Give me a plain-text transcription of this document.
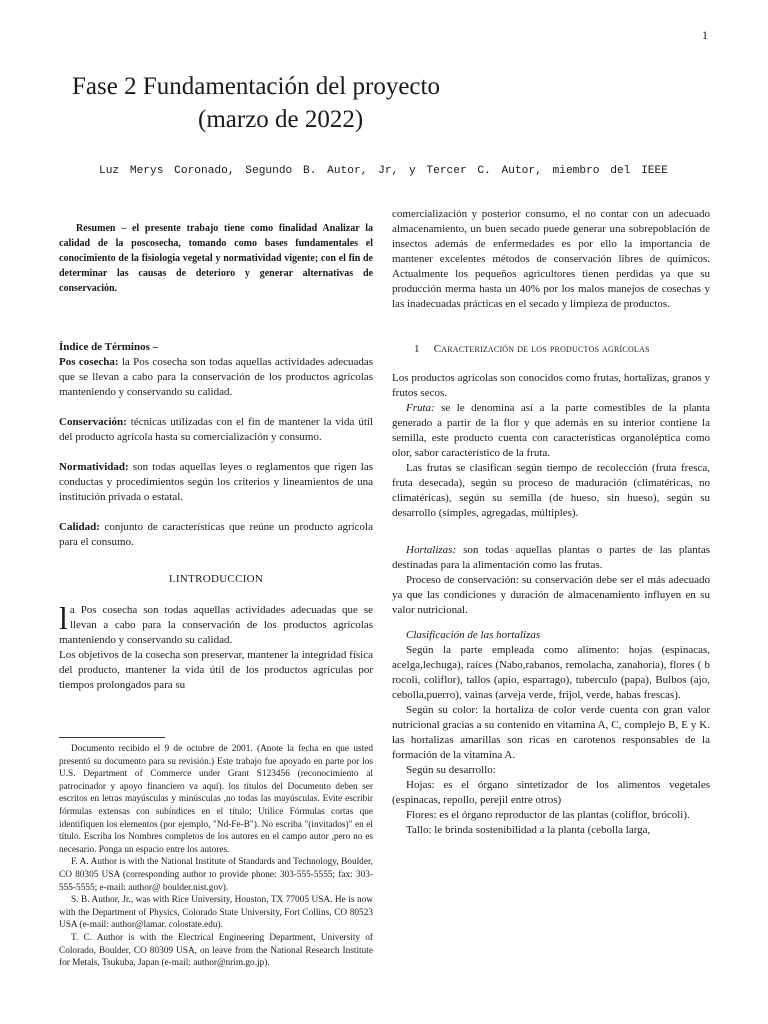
1
Fase 2 Fundamentación del proyecto
(marzo de 2022)
Luz Merys Coronado, Segundo B. Autor, Jr, y Tercer C. Autor, miembro del IEEE

Resumen – el presente trabajo tiene como finalidad Analizar la calidad de la poscosecha, tomando como bases fundamentales el conocimiento de la fisiología vegetal y normatividad vigente; con el fin de determinar las causas de deterioro y generar alternativas de conservación.

Índice de Términos –

Pos cosecha: la Pos cosecha son todas aquellas actividades adecuadas que se llevan a cabo para la conservación de los productos agrícolas manteniendo y conservando su calidad.

Conservación: técnicas utilizadas con el fin de mantener la vida útil del producto agrícola hasta su comercialización y consumo.

Normatividad: son todas aquellas leyes o reglamentos que rigen las conductas y procedimientos según los criterios y lineamientos de una institución privada o estatal.

Calidad: conjunto de características que reúne un producto agrícola para el consumo.

I.INTRODUCCION

la Pos cosecha son todas aquellas actividades adecuadas que se llevan a cabo para la conservación de los productos agrícolas manteniendo y conservando su calidad.

Los objetivos de la cosecha son preservar, mantener la integridad física del producto, mantener la vida útil de los productos agrículas por tiempos prolongados para su

Documento recibido el 9 de octubre de 2001. (Anote la fecha en que usted presentó su documento para su revisión.) Este trabajo fue apoyado en parte por los U.S. Department of Commerce under Grant S123456 (reconocimiento al patrocinador y apoyo financiero va aquí). los títulos del Documento deben ser escritos en letras mayúsculas y minúsculas ,no todas las mayúsculas. Evite escribir fórmulas extensas con subíndices en el título; Utilice Fórmulas cortas que identifiquen los elementos (por ejemplo, "Nd-Fe-B"). No escriba "(invitados)" en el título. Escriba los Nombres completos de los autores en el campo autor ,pero no es necesario. Ponga un espacio entre los autores.

F. A. Author is with the National Institute of Standards and Technology, Boulder, CO 80305 USA (corresponding author to provide phone: 303-555-5555; fax: 303-555-5555; e-mail: author@ boulder.nist.gov).

S. B. Author, Jr., was with Rice University, Houston, TX 77005 USA. He is now with the Department of Physics, Colorado State University, Fort Collins, CO 80523 USA (e-mail: author@lamar. colostate.edu).

T. C. Author is with the Electrical Engineering Department, University of Colorado, Boulder, CO 80309 USA, on leave from the National Research Institute for Metals, Tsukuba, Japan (e-mail: author@nrim.go.jp).

comercialización y posterior consumo, el no contar con un adecuado almacenamiento, un buen secado puede generar una sobrepoblación de insectos además de enfermedades es por ello la importancia de mantener excelentes métodos de conservación libres de químicos. Actualmente los pequeños agricultores tienen perdidas ya que su producción merma hasta un 40% por los malos manejos de cosechas y las inadecuadas prácticas en el secado y limpieza de productos.

1 Caracterización de los productos agrícolas

Los productos agrícolas son conocidos como frutas, hortalizas, granos y frutos secos.

Fruta: se le denomina así a la parte comestibles de la planta generado a partir de la flor y que además en su interior contiene la semilla, este producto cuenta con características organoléptica como olor, sabor característico de la fruta.

Las frutas se clasifican según tiempo de recolección (fruta fresca, fruta desecada), según su proceso de maduración (climatéricas, no climatéricas), según su semilla (de hueso, sin hueso), según su desarrollo (simples, agregadas, múltiples).

Hortalizas: son todas aquellas plantas o partes de las plantas destinadas para la alimentación como las frutas.

Proceso de conservación: su conservación debe ser el más adecuado ya que las condiciones y duración de almacenamiento influyen en su valor nutricional.

Clasificación de las hortalizas

Según la parte empleada como alimento: hojas (espinacas, acelga,lechuga), raíces (Nabo,rabanos, remolacha, zanahoria), flores ( b rocoli, coliflor), tallos (apio, esparrago), tuberculo (papa), Bulbos (ajo, cebolla,puerro), vainas (arveja verde, frijol, verde, habas frescas).

Según su color: la hortaliza de color verde cuenta con gran valor nutricional gracias a su contenido en vitamina A, C, complejo B, E y K. las hortalizas amarillas son ricas en carotenos responsables de la formación de la vitamina A.

Según su desarrollo:

Hojas: es el órgano sintetizador de los alimentos vegetales (espinacas, repollo, perejil entre otros)

Flores: es el órgano reproductor de las plantas (coliflor, brócoli).

Tallo: le brinda sostenibilidad a la planta (cebolla larga,
